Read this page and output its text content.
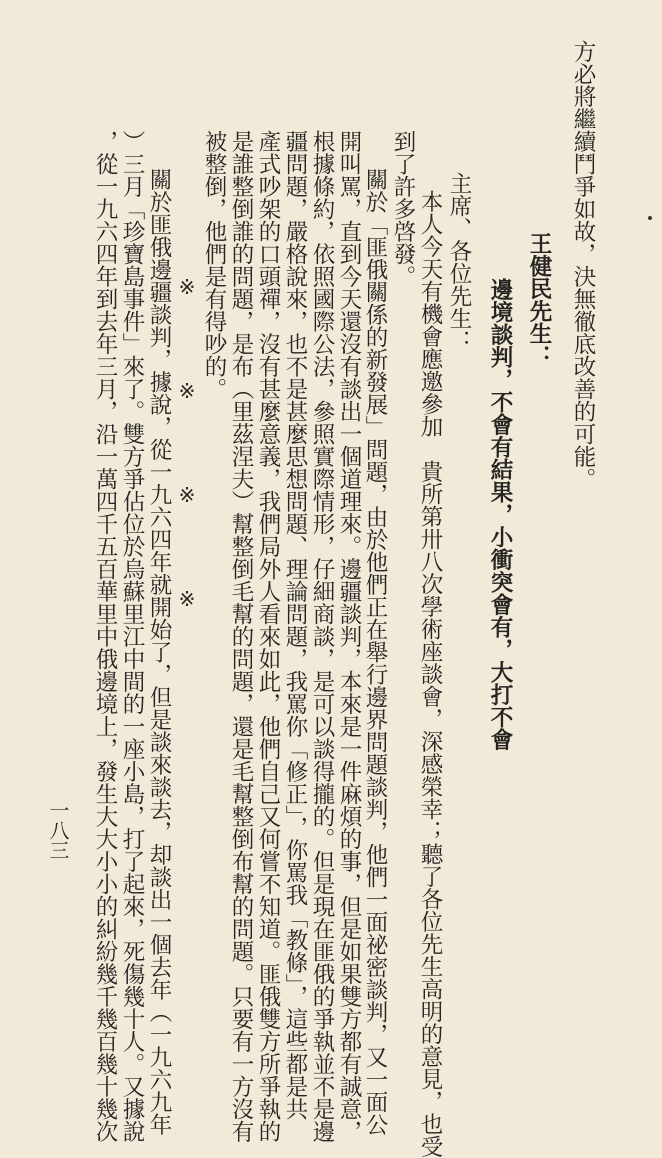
方必將繼續鬥爭如故，決無徹底改善的可能。

王健民先生：

邊境談判，不會有結果，小衝突會有，大打不會

主席、各位先生：

本人今天有機會應邀參加　貴所第卅八次學術座談會，深感榮幸；聽了各位先生高明的意見，也受

到了許多啓發。

關於「匪俄關係的新發展」問題，由於他們正在舉行邊界問題談判，他們一面祕密談判，又一面公

開叫罵，直到今天還沒有談出一個道理來。邊疆談判，本來是一件麻煩的事，但是如果雙方都有誠意，

根據條約，依照國際公法，參照實際情形，仔細商談，是可以談得攏的。但是現在匪俄的爭執並不是邊

疆問題，嚴格說來，也不是甚麼思想問題、理論問題，我罵你「修正」，你罵我「教條」，這些都是共

產式吵架的口頭禪，沒有甚麼意義，我們局外人看來如此，他們自己又何嘗不知道。匪俄雙方所爭執的

是誰整倒誰的問題，是布（里茲涅夫）幫整倒毛幫的問題，還是毛幫整倒布幫的問題。只要有一方沒有

被整倒，他們是有得吵的。

※　　　　※　　　　※　　　　※

關於匪俄邊疆談判，據說，從一九六四年就開始了，但是談來談去，却談出一個去年（一九六九年

）三月「珍寶島事件」來了。雙方爭佔位於烏蘇里江中間的一座小島，打了起來，死傷幾十人。又據說

，從一九六四年到去年三月，沿一萬四千五百華里中俄邊境上，發生大大小小的糾紛幾千幾百幾十幾次

一八三
